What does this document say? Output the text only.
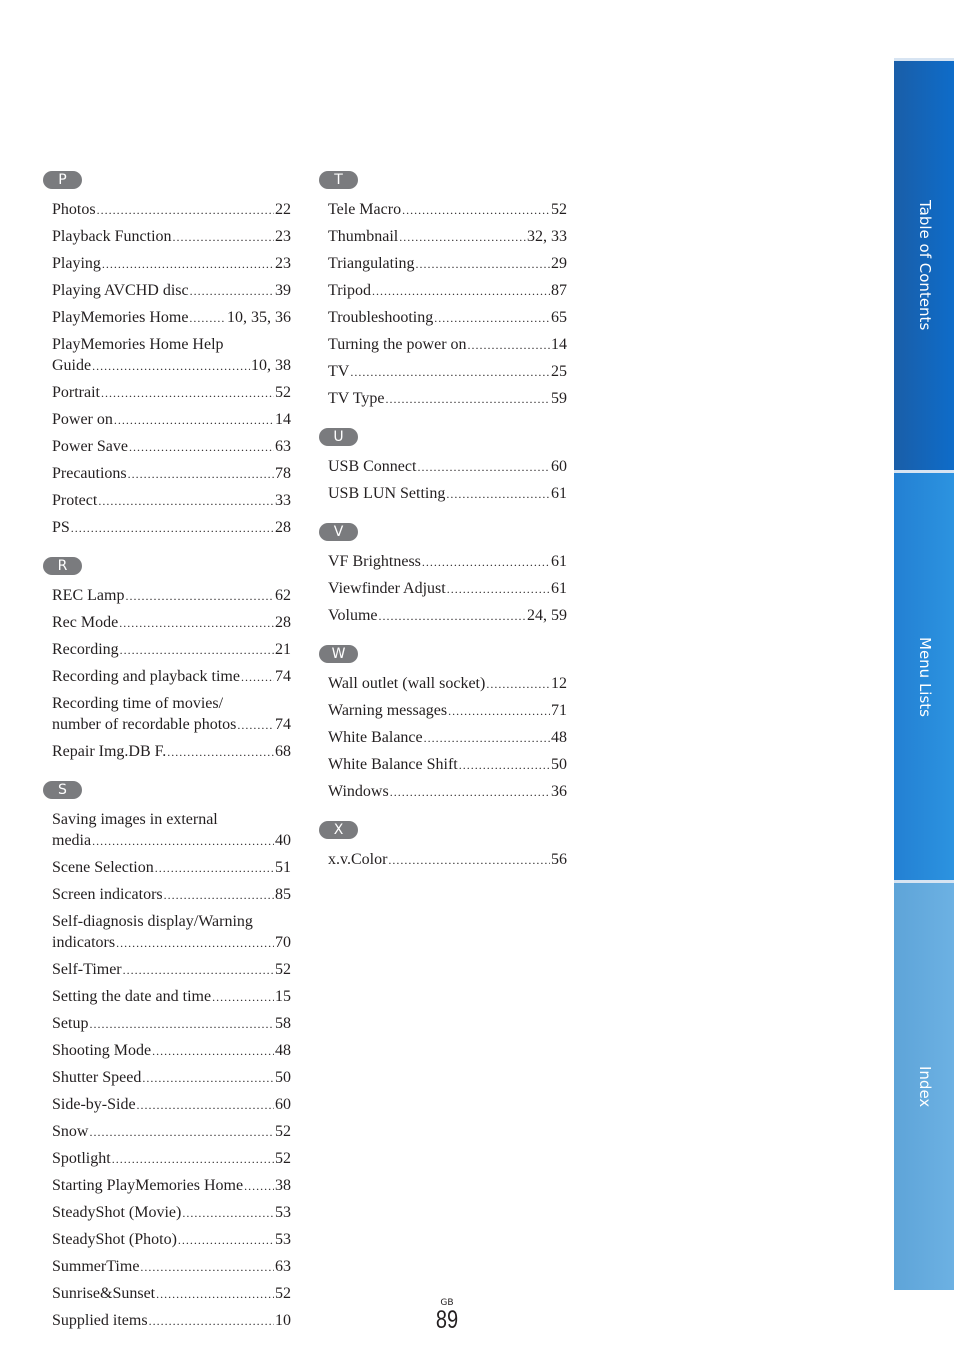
P
Photos .....	22
Playback Function .....	23
Playing .....	23
Playing AVCHD disc .....	39
PlayMemories Home ..... 10, 35, 36
PlayMemories Home Help
Guide .....	10, 38
Portrait .....	52
Power on .....	14
Power Save .....	63
Precautions .....	78
Protect .....	33
PS .....	28
R
REC Lamp .....	62
Rec Mode .....	28
Recording .....	21
Recording and playback time ..... 74
Recording time of movies/
number of recordable photos ..... 74
Repair Img.DB F. .....	68
S
Saving images in external
media .....	40
Scene Selection .....	51
Screen indicators .....	85
Self-diagnosis display/Warning
indicators .....	70
Self-Timer .....	52
Setting the date and time .....	15
Setup .....	58
Shooting Mode .....	48
Shutter Speed .....	50
Side-by-Side .....	60
Snow .....	52
Spotlight .....	52
Starting PlayMemories Home ..... 38
SteadyShot (Movie) .....	53
SteadyShot (Photo) .....	53
SummerTime .....	63
Sunrise&Sunset .....	52
Supplied items .....	10
T
Tele Macro .....	52
Thumbnail .....	32, 33
Triangulating .....	29
Tripod .....	87
Troubleshooting .....	65
Turning the power on .....	14
TV .....	25
TV Type .....	59
U
USB Connect .....	60
USB LUN Setting .....	61
V
VF Brightness .....	61
Viewfinder Adjust .....	61
Volume .....	24, 59
W
Wall outlet (wall socket) .....	12
Warning messages .....	71
White Balance .....	48
White Balance Shift .....	50
Windows .....	36
X
x.v.Color .....	56
Table of Contents
Menu Lists
Index
GB
89
